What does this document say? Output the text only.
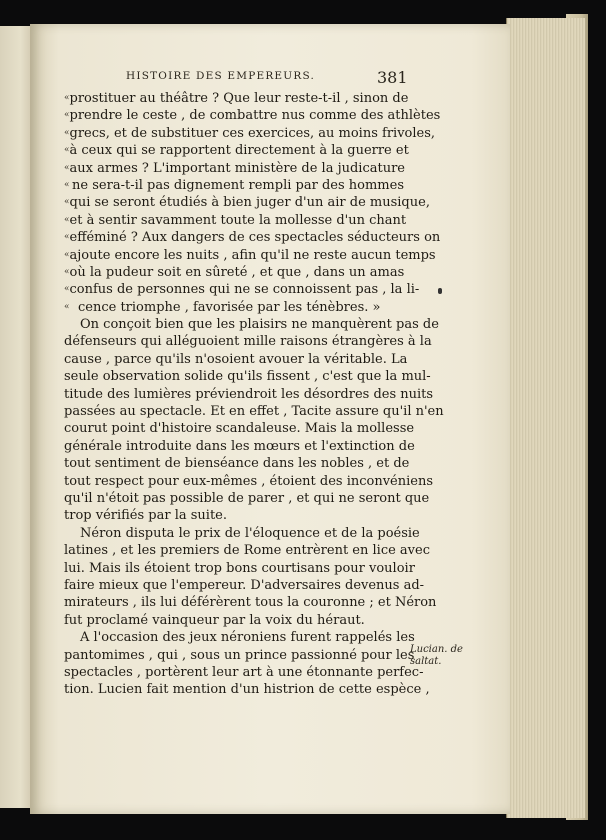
HISTOIRE DES EMPEREURS.	381
« prostituer au théâtre ? Que leur reste-t-il , sinon de
« prendre le ceste , de combattre nus comme des athlètes
« grecs, et de substituer ces exercices, au moins frivoles,
« à ceux qui se rapportent directement à la guerre et
« aux armes ? L'important ministère de la judicature
« ne sera-t-il pas dignement rempli par des hommes
« qui se seront étudiés à bien juger d'un air de musique,
« et à sentir savamment toute la mollesse d'un chant
« efféminé ? Aux dangers de ces spectacles séducteurs on
« ajoute encore les nuits , afin qu'il ne reste aucun temps
« où la pudeur soit en sûreté , et que , dans un amas
« confus de personnes qui ne se connoissent pas , la li-
« cence triomphe , favorisée par les ténèbres. »
On conçoit bien que les plaisirs ne manquèrent pas de
défenseurs qui alléguoient mille raisons étrangères à la
cause , parce qu'ils n'osoient avouer la véritable. La
seule observation solide qu'ils fissent , c'est que la mul-
titude des lumières préviendroit les désordres des nuits
passées au spectacle. Et en effet , Tacite assure qu'il n'en
courut point d'histoire scandaleuse. Mais la mollesse
générale introduite dans les mœurs et l'extinction de
tout sentiment de bienséance dans les nobles , et de
tout respect pour eux-mêmes , étoient des inconvéniens
qu'il n'étoit pas possible de parer , et qui ne seront que
trop vérifiés par la suite.
Néron disputa le prix de l'éloquence et de la poésie
latines , et les premiers de Rome entrèrent en lice avec
lui. Mais ils étoient trop bons courtisans pour vouloir
faire mieux que l'empereur. D'adversaires devenus ad-
mirateurs , ils lui déférèrent tous la couronne ; et Néron
fut proclamé vainqueur par la voix du héraut.
A l'occasion des jeux néroniens furent rappelés les
pantomimes , qui , sous un prince passionné pour les
spectacles , portèrent leur art à une étonnante perfec-
tion. Lucien fait mention d'un histrion de cette espèce ,
Lucian. de
saltat.
